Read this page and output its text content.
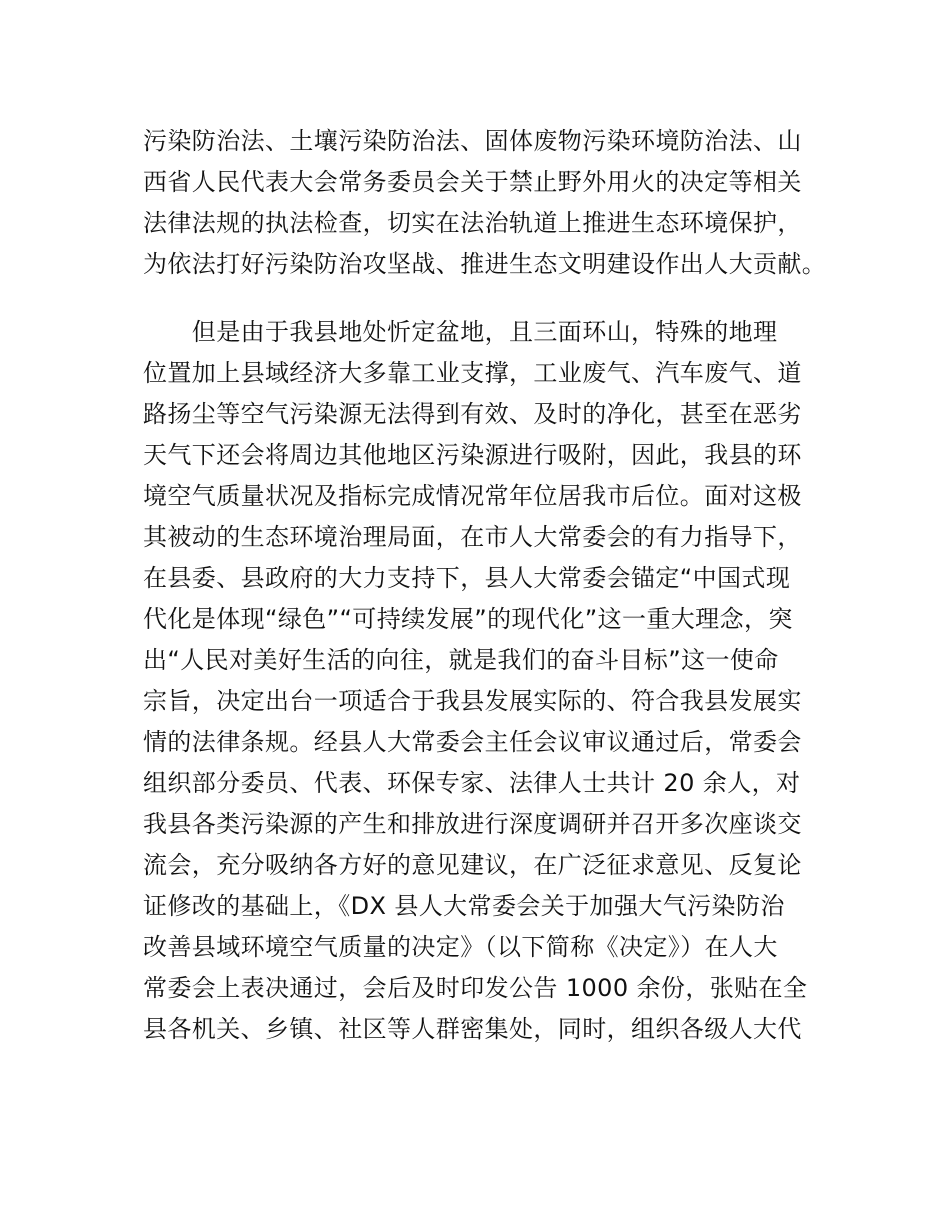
污染防治法、土壤污染防治法、固体废物污染环境防治法、山
西省人民代表大会常务委员会关于禁止野外用火的决定等相关
法律法规的执法检查，切实在法治轨道上推进生态环境保护，
为依法打好污染防治攻坚战、推进生态文明建设作出人大贡献。
　　但是由于我县地处忻定盆地，且三面环山，特殊的地理
位置加上县域经济大多靠工业支撑，工业废气、汽车废气、道
路扬尘等空气污染源无法得到有效、及时的净化，甚至在恶劣
天气下还会将周边其他地区污染源进行吸附，因此，我县的环
境空气质量状况及指标完成情况常年位居我市后位。面对这极
其被动的生态环境治理局面，在市人大常委会的有力指导下，
在县委、县政府的大力支持下，县人大常委会锚定“中国式现
代化是体现“绿色”“可持续发展”的现代化”这一重大理念，突
出“人民对美好生活的向往，就是我们的奋斗目标”这一使命
宗旨，决定出台一项适合于我县发展实际的、符合我县发展实
情的法律条规。经县人大常委会主任会议审议通过后，常委会
组织部分委员、代表、环保专家、法律人士共计 20 余人，对
我县各类污染源的产生和排放进行深度调研并召开多次座谈交
流会，充分吸纳各方好的意见建议，在广泛征求意见、反复论
证修改的基础上，《DX 县人大常委会关于加强大气污染防治
改善县域环境空气质量的决定》（以下简称《决定》）在人大
常委会上表决通过，会后及时印发公告 1000 余份，张贴在全
县各机关、乡镇、社区等人群密集处，同时，组织各级人大代
